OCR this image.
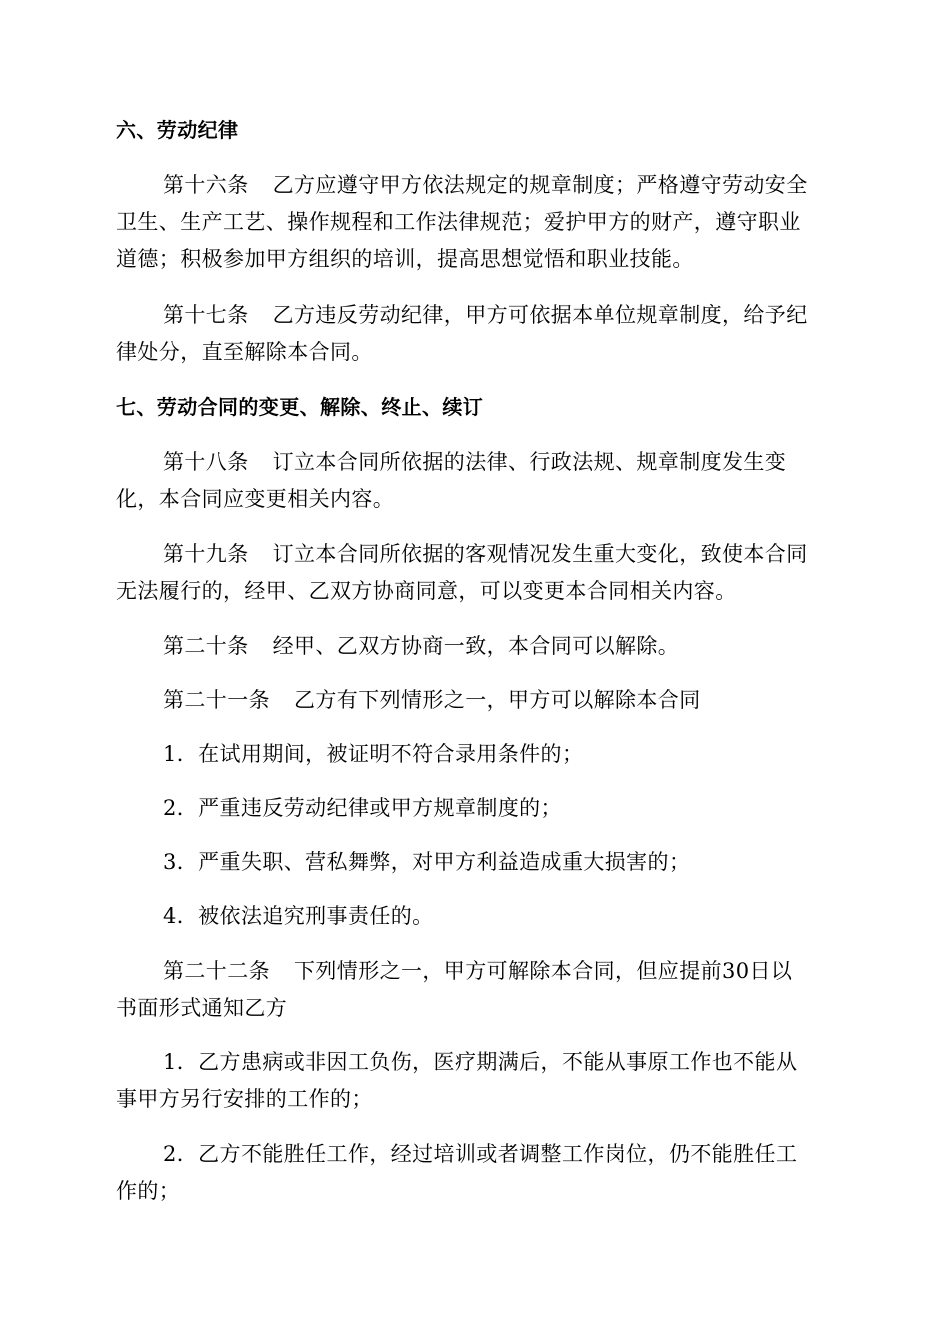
六、劳动纪律
第十六条 乙方应遵守甲方依法规定的规章制度；严格遵守劳动安全
卫生、生产工艺、操作规程和工作法律规范；爱护甲方的财产，遵守职业
道德；积极参加甲方组织的培训，提高思想觉悟和职业技能。
第十七条 乙方违反劳动纪律，甲方可依据本单位规章制度，给予纪
律处分，直至解除本合同。
七、劳动合同的变更、解除、终止、续订
第十八条 订立本合同所依据的法律、行政法规、规章制度发生变
化，本合同应变更相关内容。
第十九条 订立本合同所依据的客观情况发生重大变化，致使本合同
无法履行的，经甲、乙双方协商同意，可以变更本合同相关内容。
第二十条 经甲、乙双方协商一致，本合同可以解除。
第二十一条 乙方有下列情形之一，甲方可以解除本合同
1．在试用期间，被证明不符合录用条件的；
2．严重违反劳动纪律或甲方规章制度的；
3．严重失职、营私舞弊，对甲方利益造成重大损害的；
4．被依法追究刑事责任的。
第二十二条 下列情形之一，甲方可解除本合同，但应提前30日以
书面形式通知乙方
1．乙方患病或非因工负伤，医疗期满后，不能从事原工作也不能从
事甲方另行安排的工作的；
2．乙方不能胜任工作，经过培训或者调整工作岗位，仍不能胜任工
作的；
